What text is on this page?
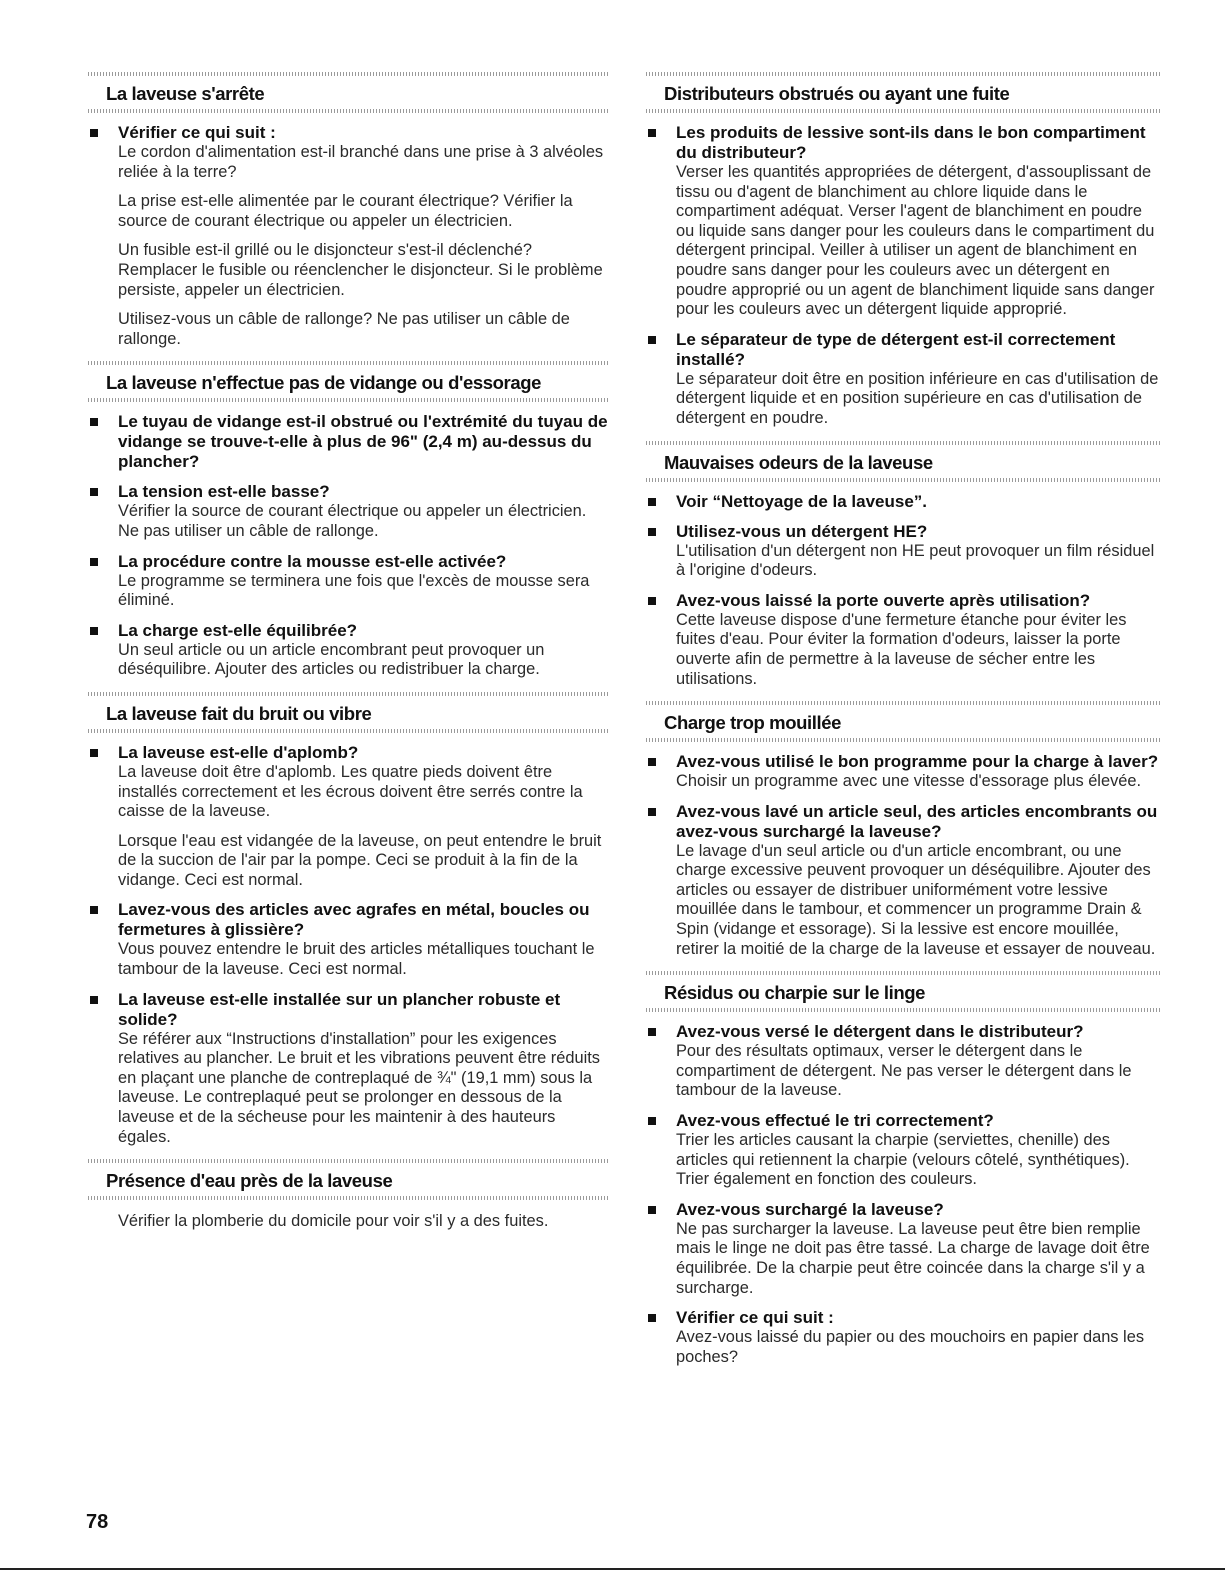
La laveuse s'arrête
Vérifier ce qui suit :

Le cordon d'alimentation est-il branché dans une prise à 3 alvéoles reliée à la terre?

La prise est-elle alimentée par le courant électrique? Vérifier la source de courant électrique ou appeler un électricien.

Un fusible est-il grillé ou le disjoncteur s'est-il déclenché? Remplacer le fusible ou réenclencher le disjoncteur. Si le problème persiste, appeler un électricien.

Utilisez-vous un câble de rallonge? Ne pas utiliser un câble de rallonge.

La laveuse n'effectue pas de vidange ou d'essorage
Le tuyau de vidange est-il obstrué ou l'extrémité du tuyau de vidange se trouve-t-elle à plus de 96" (2,4 m) au-dessus du plancher?
La tension est-elle basse?

Vérifier la source de courant électrique ou appeler un électricien. Ne pas utiliser un câble de rallonge.

La procédure contre la mousse est-elle activée?

Le programme se terminera une fois que l'excès de mousse sera éliminé.

La charge est-elle équilibrée?

Un seul article ou un article encombrant peut provoquer un déséquilibre. Ajouter des articles ou redistribuer la charge.

La laveuse fait du bruit ou vibre
La laveuse est-elle d'aplomb?

La laveuse doit être d'aplomb. Les quatre pieds doivent être installés correctement et les écrous doivent être serrés contre la caisse de la laveuse.

Lorsque l'eau est vidangée de la laveuse, on peut entendre le bruit de la succion de l'air par la pompe. Ceci se produit à la fin de la vidange. Ceci est normal.

Lavez-vous des articles avec agrafes en métal, boucles ou fermetures à glissière?

Vous pouvez entendre le bruit des articles métalliques touchant le tambour de la laveuse. Ceci est normal.

La laveuse est-elle installée sur un plancher robuste et solide?

Se référer aux “Instructions d'installation” pour les exigences relatives au plancher. Le bruit et les vibrations peuvent être réduits en plaçant une planche de contreplaqué de ¾" (19,1 mm) sous la laveuse. Le contreplaqué peut se prolonger en dessous de la laveuse et de la sécheuse pour les maintenir à des hauteurs égales.

Présence d'eau près de la laveuse

Vérifier la plomberie du domicile pour voir s'il y a des fuites.

Distributeurs obstrués ou ayant une fuite
Les produits de lessive sont-ils dans le bon compartiment du distributeur?

Verser les quantités appropriées de détergent, d'assouplissant de tissu ou d'agent de blanchiment au chlore liquide dans le compartiment adéquat. Verser l'agent de blanchiment en poudre ou liquide sans danger pour les couleurs dans le compartiment du détergent principal. Veiller à utiliser un agent de blanchiment en poudre sans danger pour les couleurs avec un détergent en poudre approprié ou un agent de blanchiment liquide sans danger pour les couleurs avec un détergent liquide approprié.

Le séparateur de type de détergent est-il correctement installé?

Le séparateur doit être en position inférieure en cas d'utilisation de détergent liquide et en position supérieure en cas d'utilisation de détergent en poudre.

Mauvaises odeurs de la laveuse
Voir “Nettoyage de la laveuse”.
Utilisez-vous un détergent HE?

L'utilisation d'un détergent non HE peut provoquer un film résiduel à l'origine d'odeurs.

Avez-vous laissé la porte ouverte après utilisation?

Cette laveuse dispose d'une fermeture étanche pour éviter les fuites d'eau. Pour éviter la formation d'odeurs, laisser la porte ouverte afin de permettre à la laveuse de sécher entre les utilisations.

Charge trop mouillée
Avez-vous utilisé le bon programme pour la charge à laver?

Choisir un programme avec une vitesse d'essorage plus élevée.

Avez-vous lavé un article seul, des articles encombrants ou avez-vous surchargé la laveuse?

Le lavage d'un seul article ou d'un article encombrant, ou une charge excessive peuvent provoquer un déséquilibre. Ajouter des articles ou essayer de distribuer uniformément votre lessive mouillée dans le tambour, et commencer un programme Drain & Spin (vidange et essorage). Si la lessive est encore mouillée, retirer la moitié de la charge de la laveuse et essayer de nouveau.

Résidus ou charpie sur le linge
Avez-vous versé le détergent dans le distributeur?

Pour des résultats optimaux, verser le détergent dans le compartiment de détergent. Ne pas verser le détergent dans le tambour de la laveuse.

Avez-vous effectué le tri correctement?

Trier les articles causant la charpie (serviettes, chenille) des articles qui retiennent la charpie (velours côtelé, synthétiques). Trier également en fonction des couleurs.

Avez-vous surchargé la laveuse?

Ne pas surcharger la laveuse. La laveuse peut être bien remplie mais le linge ne doit pas être tassé. La charge de lavage doit être équilibrée. De la charpie peut être coincée dans la charge s'il y a surcharge.

Vérifier ce qui suit :

Avez-vous laissé du papier ou des mouchoirs en papier dans les poches?

78
